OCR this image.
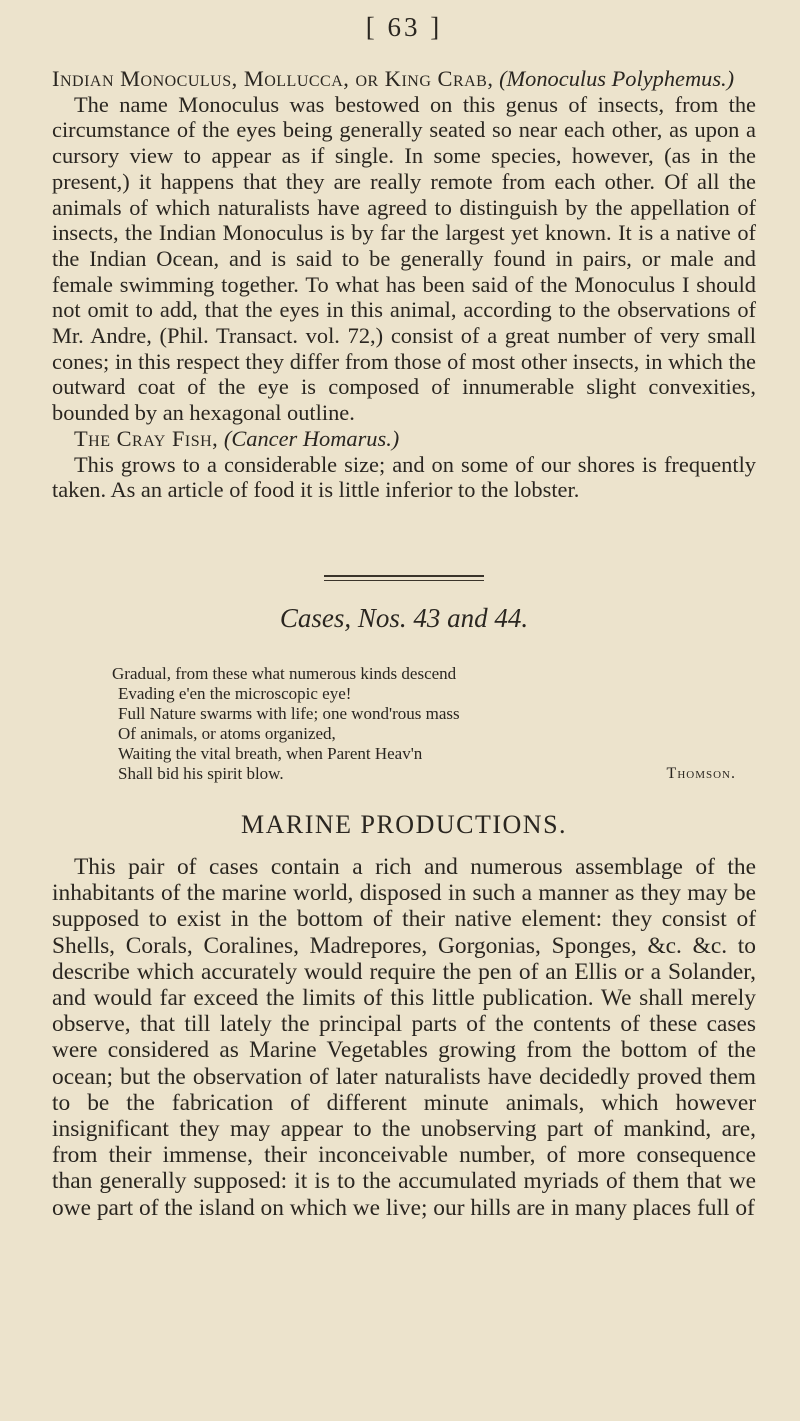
[ 63 ]

Indian Monoculus, Mollucca, or King Crab, (Monoculus Polyphemus.)

The name Monoculus was bestowed on this genus of insects, from the circumstance of the eyes being generally seated so near each other, as upon a cursory view to appear as if single. In some species, however, (as in the present,) it happens that they are really remote from each other. Of all the animals of which naturalists have agreed to distinguish by the appellation of insects, the Indian Monoculus is by far the largest yet known. It is a native of the Indian Ocean, and is said to be generally found in pairs, or male and female swimming together. To what has been said of the Monoculus I should not omit to add, that the eyes in this animal, according to the observations of Mr. Andre, (Phil. Transact. vol. 72,) consist of a great number of very small cones; in this respect they differ from those of most other insects, in which the outward coat of the eye is composed of innumerable slight convexities, bounded by an hexagonal outline.

The Cray Fish, (Cancer Homarus.)

This grows to a considerable size; and on some of our shores is frequently taken. As an article of food it is little inferior to the lobster.

Cases, Nos. 43 and 44.
Gradual, from these what numerous kinds descend
Evading e'en the microscopic eye!
Full Nature swarms with life; one wond'rous mass
Of animals, or atoms organized,
Waiting the vital breath, when Parent Heav'n
Shall bid his spirit blow.	Thomson.
MARINE PRODUCTIONS.

This pair of cases contain a rich and numerous assemblage of the inhabitants of the marine world, disposed in such a manner as they may be supposed to exist in the bottom of their native element: they consist of Shells, Corals, Coralines, Madrepores, Gorgonias, Sponges, &c. &c. to describe which accurately would require the pen of an Ellis or a Solander, and would far exceed the limits of this little publication. We shall merely observe, that till lately the principal parts of the contents of these cases were considered as Marine Vegetables growing from the bottom of the ocean; but the observation of later naturalists have decidedly proved them to be the fabrication of different minute animals, which however insignificant they may appear to the unobserving part of mankind, are, from their immense, their inconceivable number, of more consequence than generally supposed: it is to the accumulated myriads of them that we owe part of the island on which we live; our hills are in many places full of
